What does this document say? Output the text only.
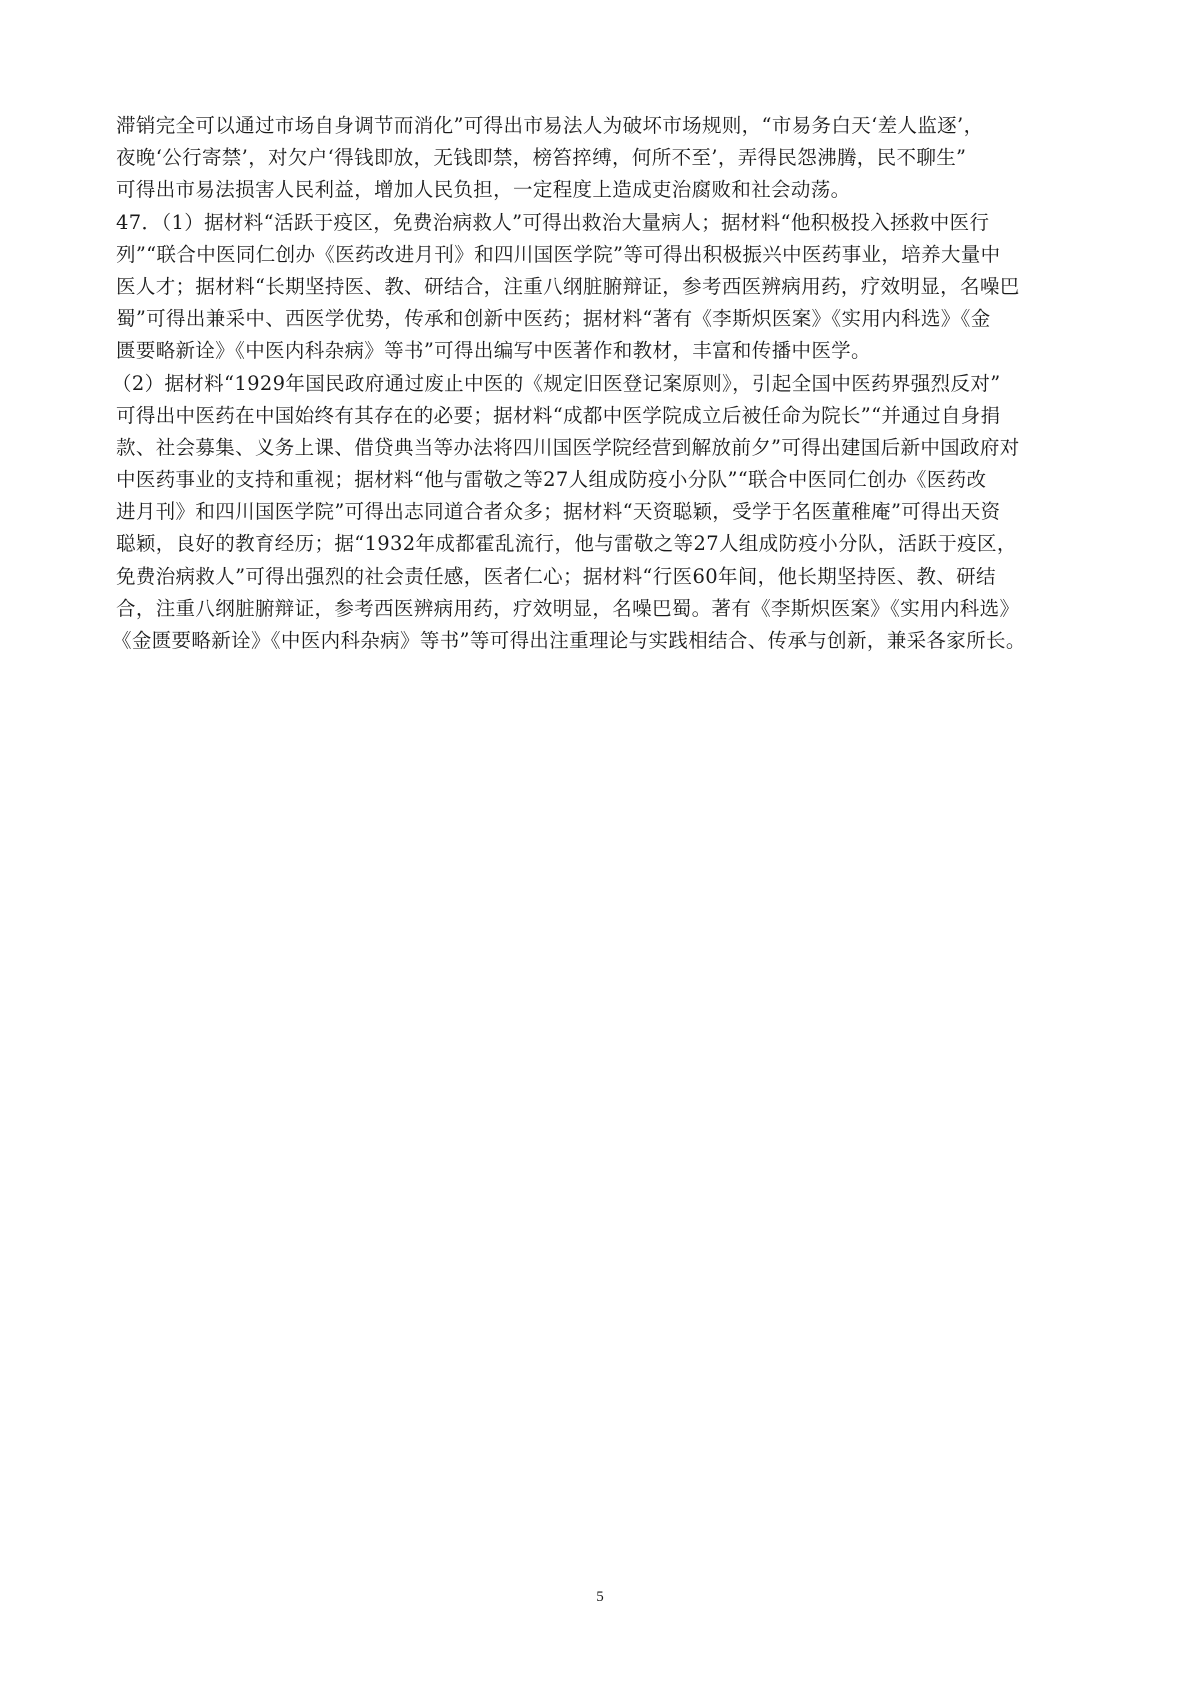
滞销完全可以通过市场自身调节而消化”可得出市易法人为破坏市场规则，“市易务白天‘差人监逐’，
夜晚‘公行寄禁’，对欠户‘得钱即放，无钱即禁，榜笞捽缚，何所不至’，弄得民怨沸腾，民不聊生”
可得出市易法损害人民利益，增加人民负担，一定程度上造成吏治腐败和社会动荡。
47．（1）据材料“活跃于疫区，免费治病救人”可得出救治大量病人；据材料“他积极投入拯救中医行
列”“联合中医同仁创办《医药改进月刊》和四川国医学院”等可得出积极振兴中医药事业，培养大量中
医人才；据材料“长期坚持医、教、研结合，注重八纲脏腑辩证，参考西医辨病用药，疗效明显，名噪巴
蜀”可得出兼采中、西医学优势，传承和创新中医药；据材料“著有《李斯炽医案》《实用内科选》《金
匮要略新诠》《中医内科杂病》等书”可得出编写中医著作和教材，丰富和传播中医学。
（2）据材料“1929年国民政府通过废止中医的《规定旧医登记案原则》，引起全国中医药界强烈反对”
可得出中医药在中国始终有其存在的必要；据材料“成都中医学院成立后被任命为院长”“并通过自身捐
款、社会募集、义务上课、借贷典当等办法将四川国医学院经营到解放前夕”可得出建国后新中国政府对
中医药事业的支持和重视；据材料“他与雷敬之等27人组成防疫小分队”“联合中医同仁创办《医药改
进月刊》和四川国医学院”可得出志同道合者众多；据材料“天资聪颖，受学于名医董稚庵”可得出天资
聪颖，良好的教育经历；据“1932年成都霍乱流行，他与雷敬之等27人组成防疫小分队，活跃于疫区，
免费治病救人”可得出强烈的社会责任感，医者仁心；据材料“行医60年间，他长期坚持医、教、研结
合，注重八纲脏腑辩证，参考西医辨病用药，疗效明显，名噪巴蜀。著有《李斯炽医案》《实用内科选》
《金匮要略新诠》《中医内科杂病》等书”等可得出注重理论与实践相结合、传承与创新，兼采各家所长。
5
